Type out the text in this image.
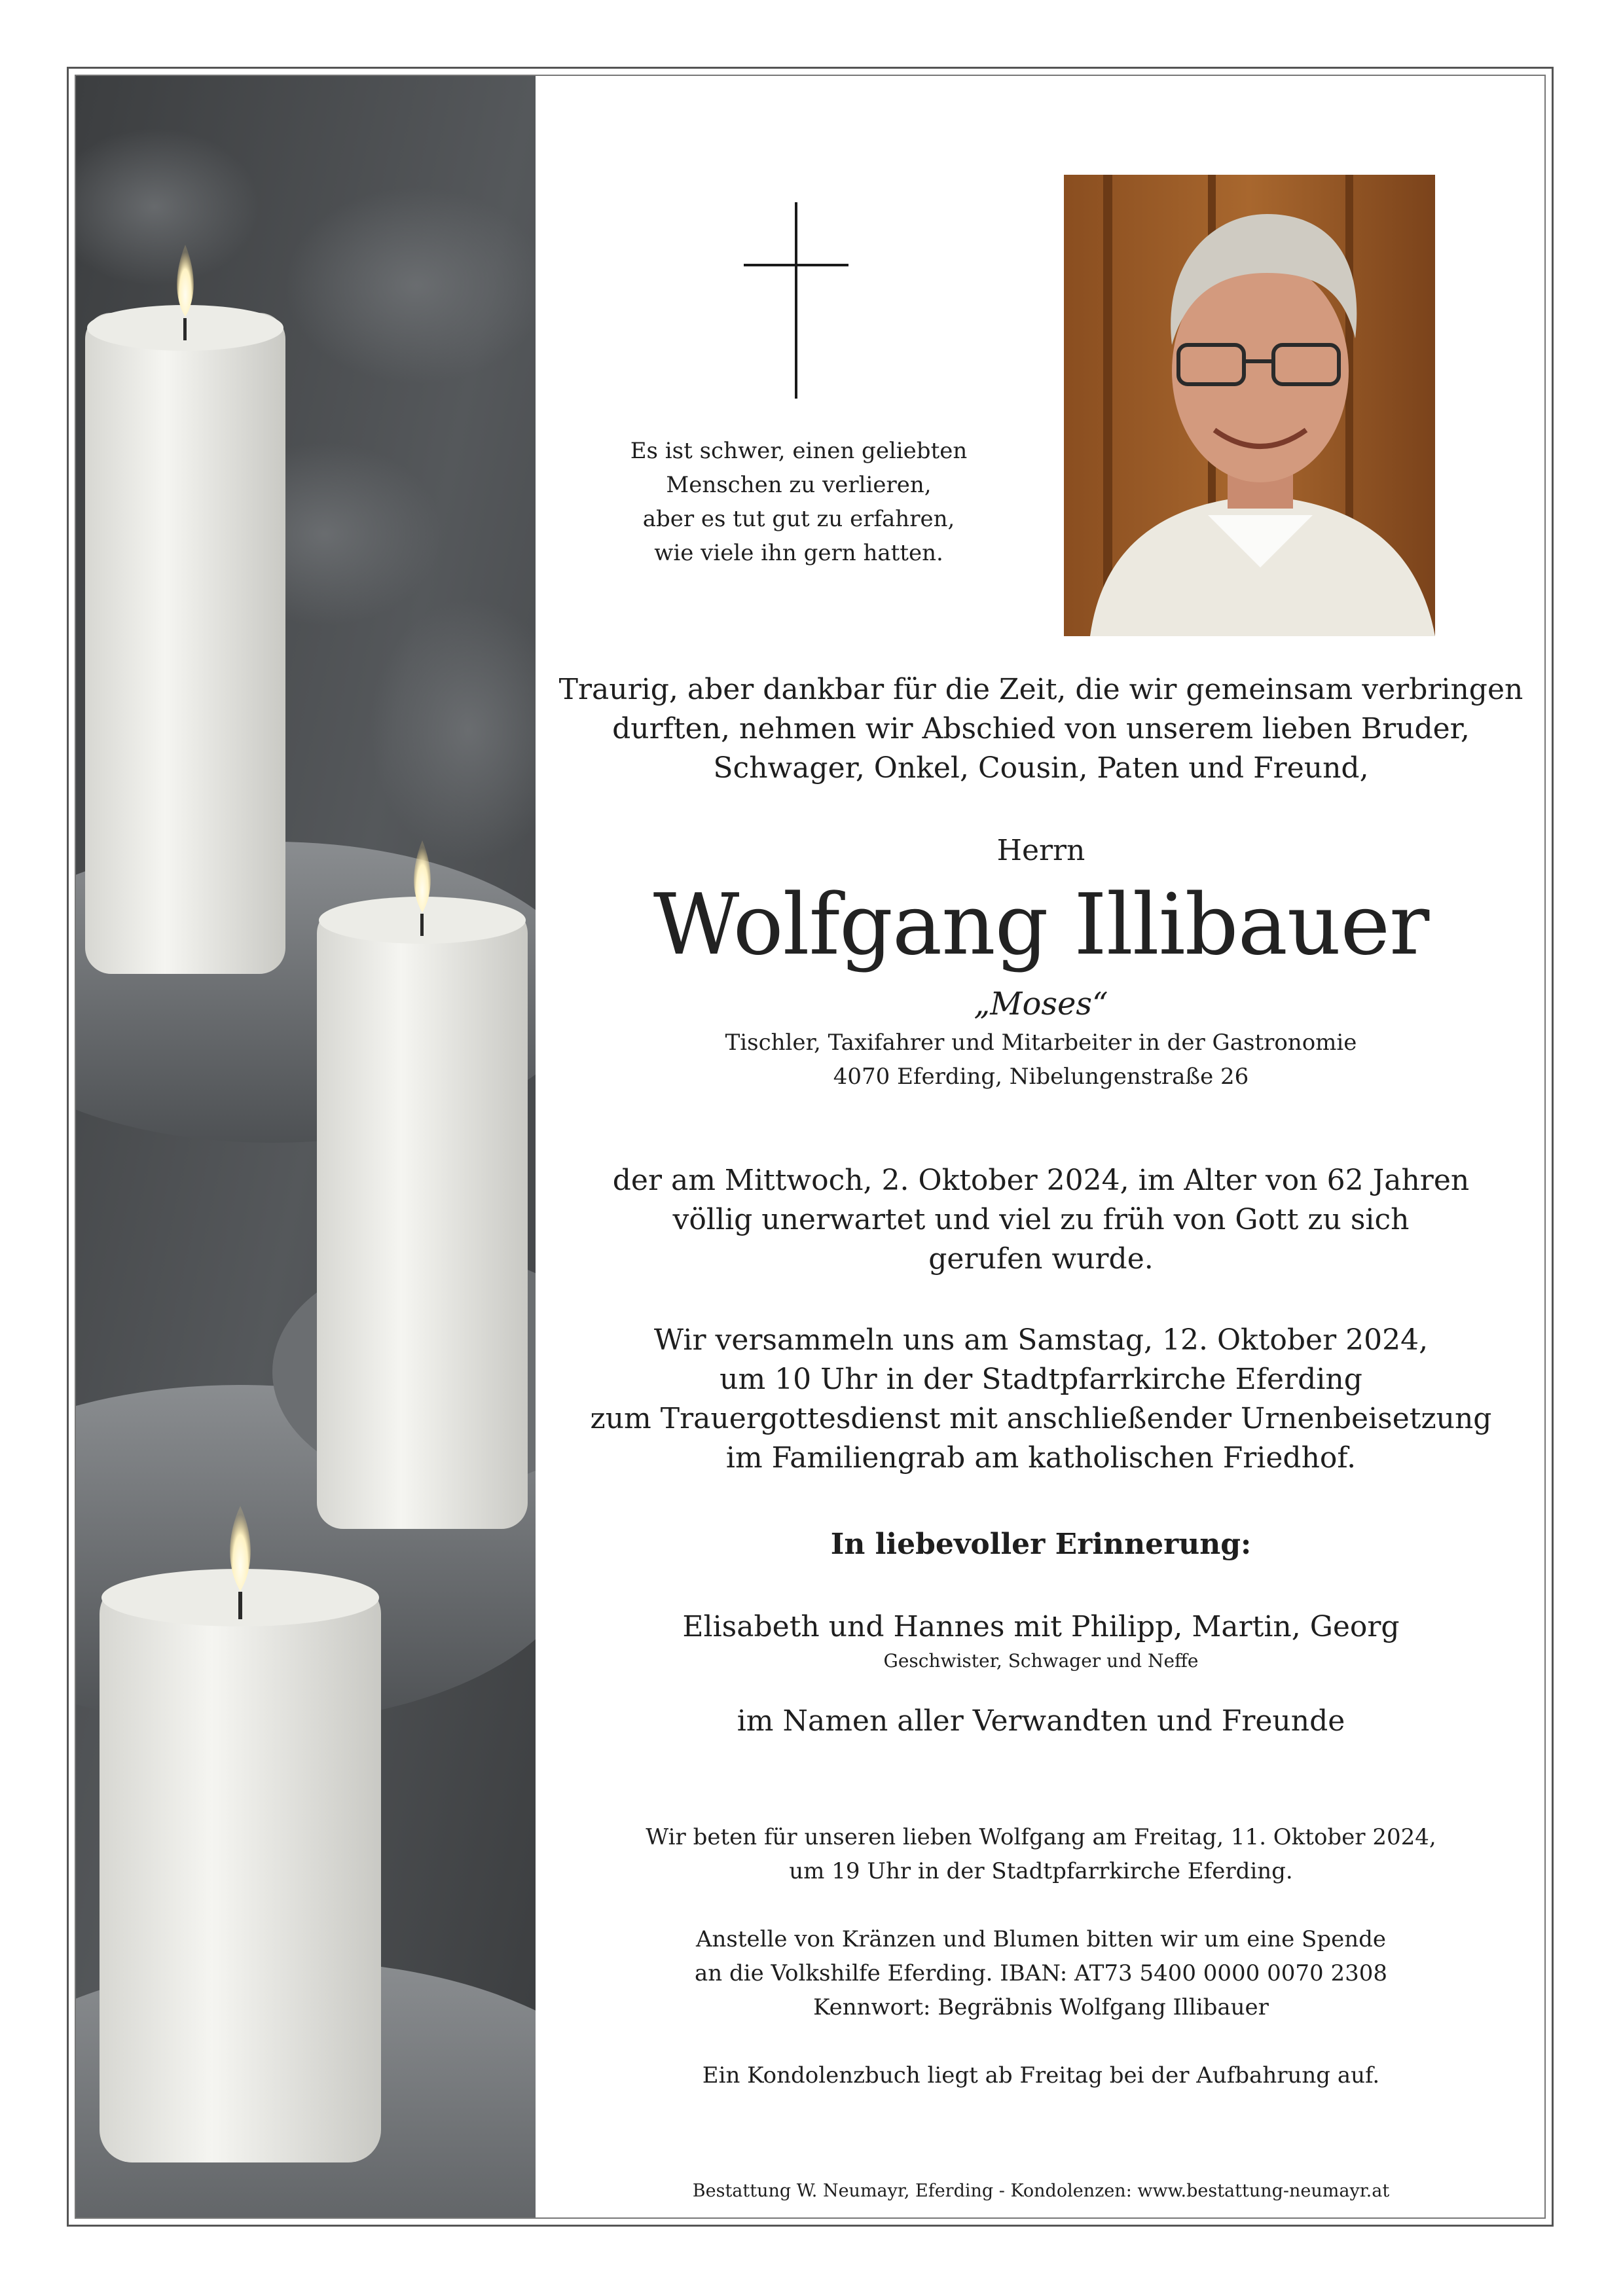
Es ist schwer, einen geliebten
Menschen zu verlieren,
aber es tut gut zu erfahren,
wie viele ihn gern hatten.
Traurig, aber dankbar für die Zeit, die wir gemeinsam verbringen
durften, nehmen wir Abschied von unserem lieben Bruder,
Schwager, Onkel, Cousin, Paten und Freund,
Herrn
Wolfgang Illibauer
„Moses“
Tischler, Taxifahrer und Mitarbeiter in der Gastronomie
4070 Eferding, Nibelungenstraße 26
der am Mittwoch, 2. Oktober 2024, im Alter von 62 Jahren
völlig unerwartet und viel zu früh von Gott zu sich
gerufen wurde.
Wir versammeln uns am Samstag, 12. Oktober 2024,
um 10 Uhr in der Stadtpfarrkirche Eferding
zum Trauergottesdienst mit anschließender Urnenbeisetzung
im Familiengrab am katholischen Friedhof.
In liebevoller Erinnerung:
Elisabeth und Hannes mit Philipp, Martin, Georg
Geschwister, Schwager und Neffe
im Namen aller Verwandten und Freunde
Wir beten für unseren lieben Wolfgang am Freitag, 11. Oktober 2024,
um 19 Uhr in der Stadtpfarrkirche Eferding.
Anstelle von Kränzen und Blumen bitten wir um eine Spende
an die Volkshilfe Eferding. IBAN: AT73 5400 0000 0070 2308
Kennwort: Begräbnis Wolfgang Illibauer
Ein Kondolenzbuch liegt ab Freitag bei der Aufbahrung auf.
Bestattung W. Neumayr, Eferding - Kondolenzen: www.bestattung-neumayr.at
